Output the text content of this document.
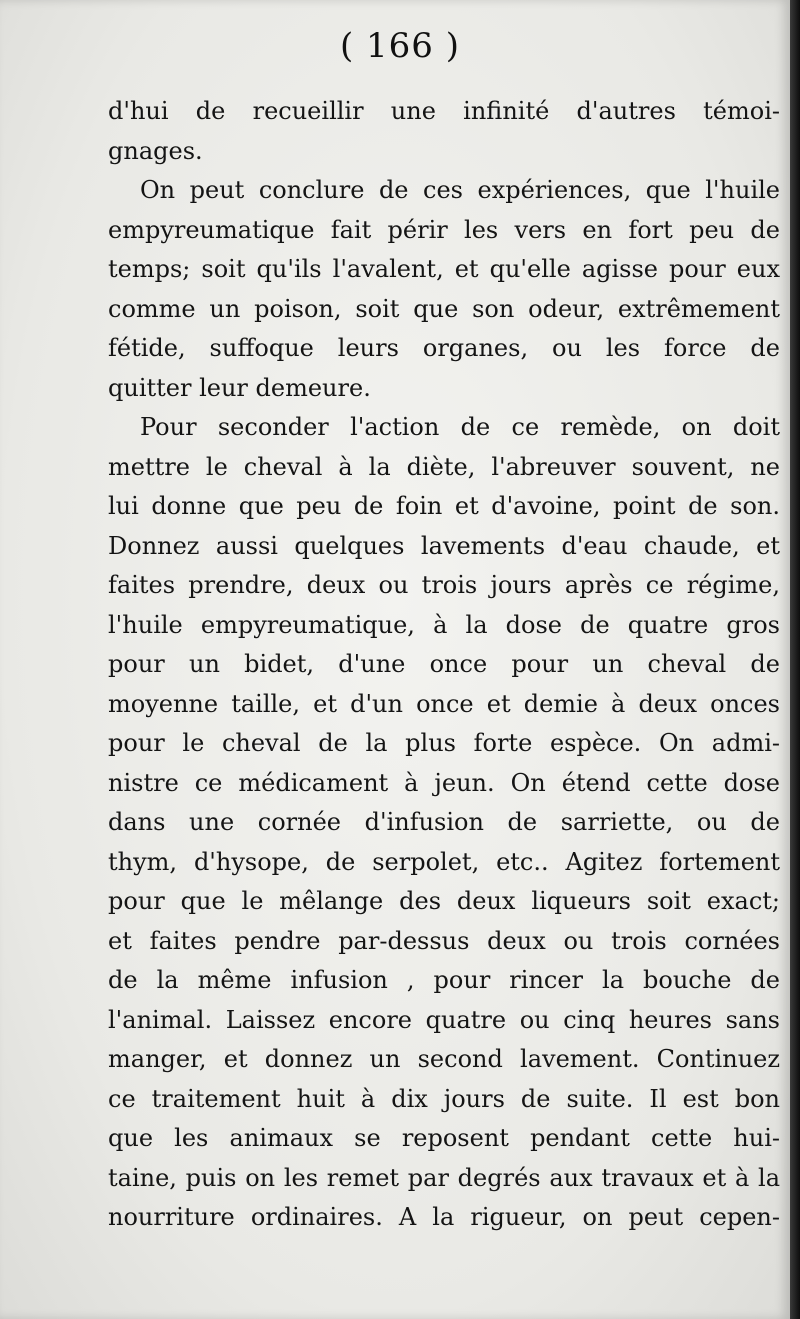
( 166 )
d'hui de recueillir une infinité d'autres témoi-
gnages.
On peut conclure de ces expériences, que l'huile
empyreumatique fait périr les vers en fort peu de
temps; soit qu'ils l'avalent, et qu'elle agisse pour eux
comme un poison, soit que son odeur, extrêmement
fétide, suffoque leurs organes, ou les force de
quitter leur demeure.
Pour seconder l'action de ce remède, on doit
mettre le cheval à la diète, l'abreuver souvent, ne
lui donne que peu de foin et d'avoine, point de son.
Donnez aussi quelques lavements d'eau chaude, et
faites prendre, deux ou trois jours après ce régime,
l'huile empyreumatique, à la dose de quatre gros
pour un bidet, d'une once pour un cheval de
moyenne taille, et d'un once et demie à deux onces
pour le cheval de la plus forte espèce. On admi-
nistre ce médicament à jeun. On étend cette dose
dans une cornée d'infusion de sarriette, ou de
thym, d'hysope, de serpolet, etc.. Agitez fortement
pour que le mêlange des deux liqueurs soit exact;
et faites pendre par-dessus deux ou trois cornées
de la même infusion , pour rincer la bouche de
l'animal. Laissez encore quatre ou cinq heures sans
manger, et donnez un second lavement. Continuez
ce traitement huit à dix jours de suite. Il est bon
que les animaux se reposent pendant cette hui-
taine, puis on les remet par degrés aux travaux et à la
nourriture ordinaires. A la rigueur, on peut cepen-
